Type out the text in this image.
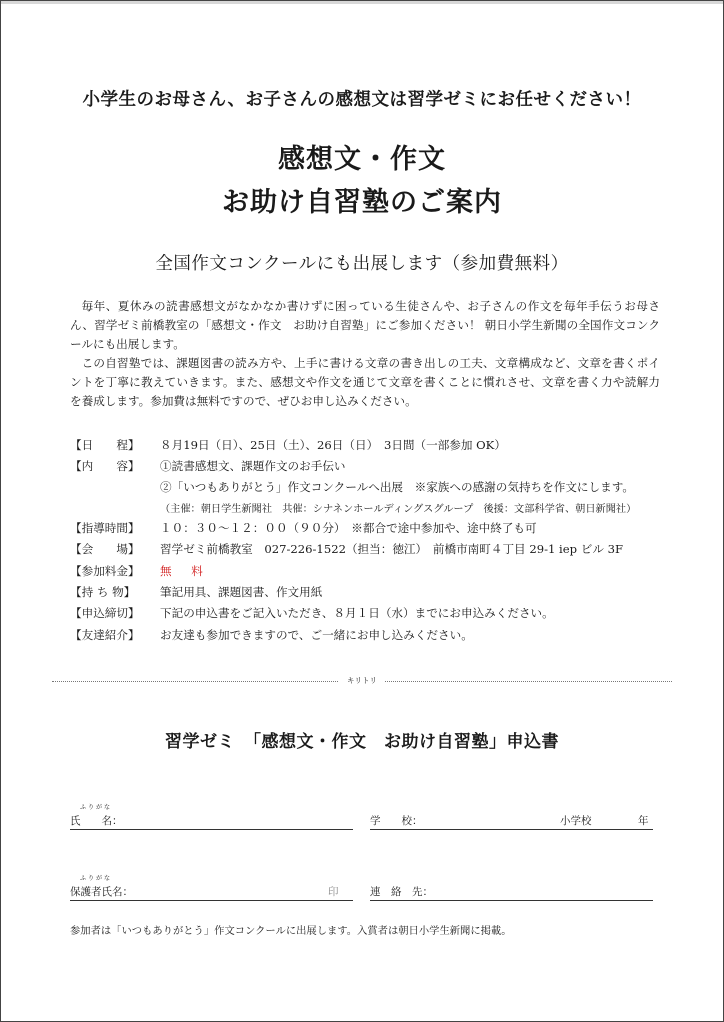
小学生のお母さん、お子さんの感想文は習学ゼミにお任せください！
感想文・作文
お助け自習塾のご案内
全国作文コンクールにも出展します（参加費無料）

毎年、夏休みの読書感想文がなかなか書けずに困っている生徒さんや、お子さんの作文を毎年手伝うお母さん、習学ゼミ前橋教室の「感想文・作文　お助け自習塾」にご参加ください！ 朝日小学生新聞の全国作文コンクールにも出展します。

この自習塾では、課題図書の読み方や、上手に書ける文章の書き出しの工夫、文章構成など、文章を書くポイントを丁寧に教えていきます。また、感想文や作文を通じて文章を書くことに慣れさせ、文章を書く力や読解力を養成します。参加費は無料ですので、ぜひお申し込みください。

【日　　程】	８月19日（日）、25日（土）、26日（日）　3日間（一部参加 OK）
【内　　容】	①読書感想文、課題作文のお手伝い
②「いつもありがとう」作文コンクールへ出展　※家族への感謝の気持ちを作文にします。
（主催：朝日学生新聞社　共催：シナネンホールディングスグループ　後援：文部科学省、朝日新聞社）
【指導時間】	１０：３０〜１２：００（９０分）　※都合で途中参加や、途中終了も可
【会　　場】	習学ゼミ前橋教室　027-226-1522（担当：徳江）　前橋市南町４丁目 29-1 iep ビル 3F
【参加料金】	無　料
【持 ち 物】	筆記用具、課題図書、作文用紙
【申込締切】	下記の申込書をご記入いただき、８月１日（水）までにお申込みください。
【友達紹介】	お友達も参加できますので、ご一緒にお申し込みください。
キリトリ
習学ゼミ　「感想文・作文　お助け自習塾」申込書
ふりがな
氏　　名：	学　　校：	小学校	年
ふりがな
保護者氏名：	印	連　絡　先：
参加者は「いつもありがとう」作文コンクールに出展します。入賞者は朝日小学生新聞に掲載。
